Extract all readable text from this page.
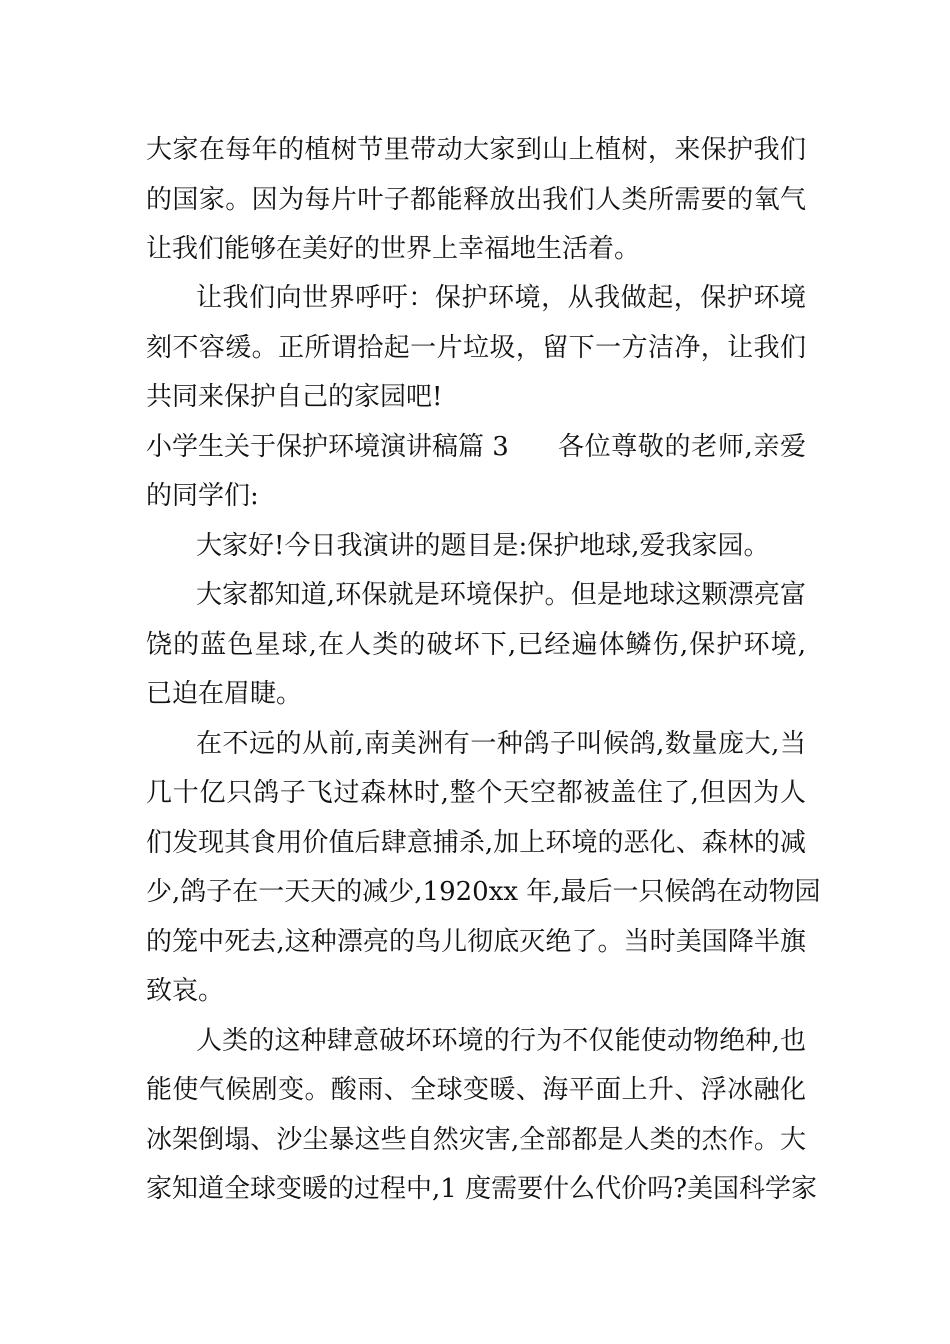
大家在每年的植树节里带动大家到山上植树，来保护我们
的国家。因为每片叶子都能释放出我们人类所需要的氧气
让我们能够在美好的世界上幸福地生活着。
让我们向世界呼吁：保护环境，从我做起，保护环境
刻不容缓。正所谓拾起一片垃圾，留下一方洁净，让我们
共同来保护自己的家园吧!
小学生关于保护环境演讲稿篇 3 各位尊敬的老师,亲爱
的同学们:
大家好!今日我演讲的题目是:保护地球,爱我家园。
大家都知道,环保就是环境保护。但是地球这颗漂亮富
饶的蓝色星球,在人类的破坏下,已经遍体鳞伤,保护环境,
已迫在眉睫。
在不远的从前,南美洲有一种鸽子叫候鸽,数量庞大,当
几十亿只鸽子飞过森林时,整个天空都被盖住了,但因为人
们发现其食用价值后肆意捕杀,加上环境的恶化、森林的减
少,鸽子在一天天的减少,1920xx 年,最后一只候鸽在动物园
的笼中死去,这种漂亮的鸟儿彻底灭绝了。当时美国降半旗
致哀。
人类的这种肆意破坏环境的行为不仅能使动物绝种,也
能使气候剧变。酸雨、全球变暖、海平面上升、浮冰融化
冰架倒塌、沙尘暴这些自然灾害,全部都是人类的杰作。大
家知道全球变暖的过程中,1 度需要什么代价吗?美国科学家
